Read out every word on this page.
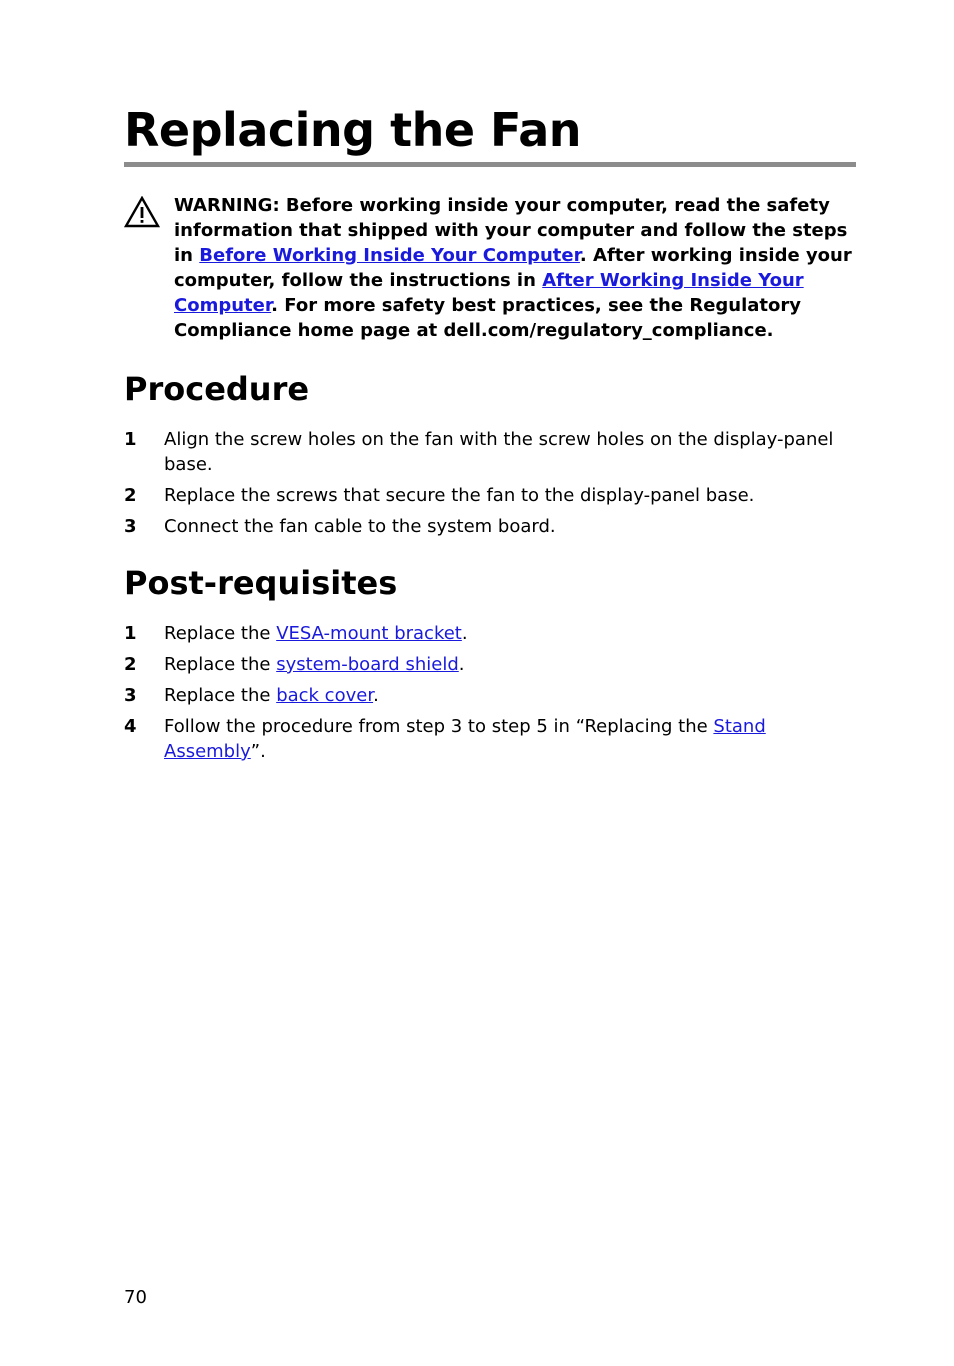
Replacing the Fan
WARNING: Before working inside your computer, read the safety information that shipped with your computer and follow the steps in Before Working Inside Your Computer. After working inside your computer, follow the instructions in After Working Inside Your Computer. For more safety best practices, see the Regulatory Compliance home page at dell.com/regulatory_compliance.
Procedure
1 Align the screw holes on the fan with the screw holes on the display-panel base.
2 Replace the screws that secure the fan to the display-panel base.
3 Connect the fan cable to the system board.
Post-requisites
1 Replace the VESA-mount bracket.
2 Replace the system-board shield.
3 Replace the back cover.
4 Follow the procedure from step 3 to step 5 in “Replacing the Stand Assembly”.
70
